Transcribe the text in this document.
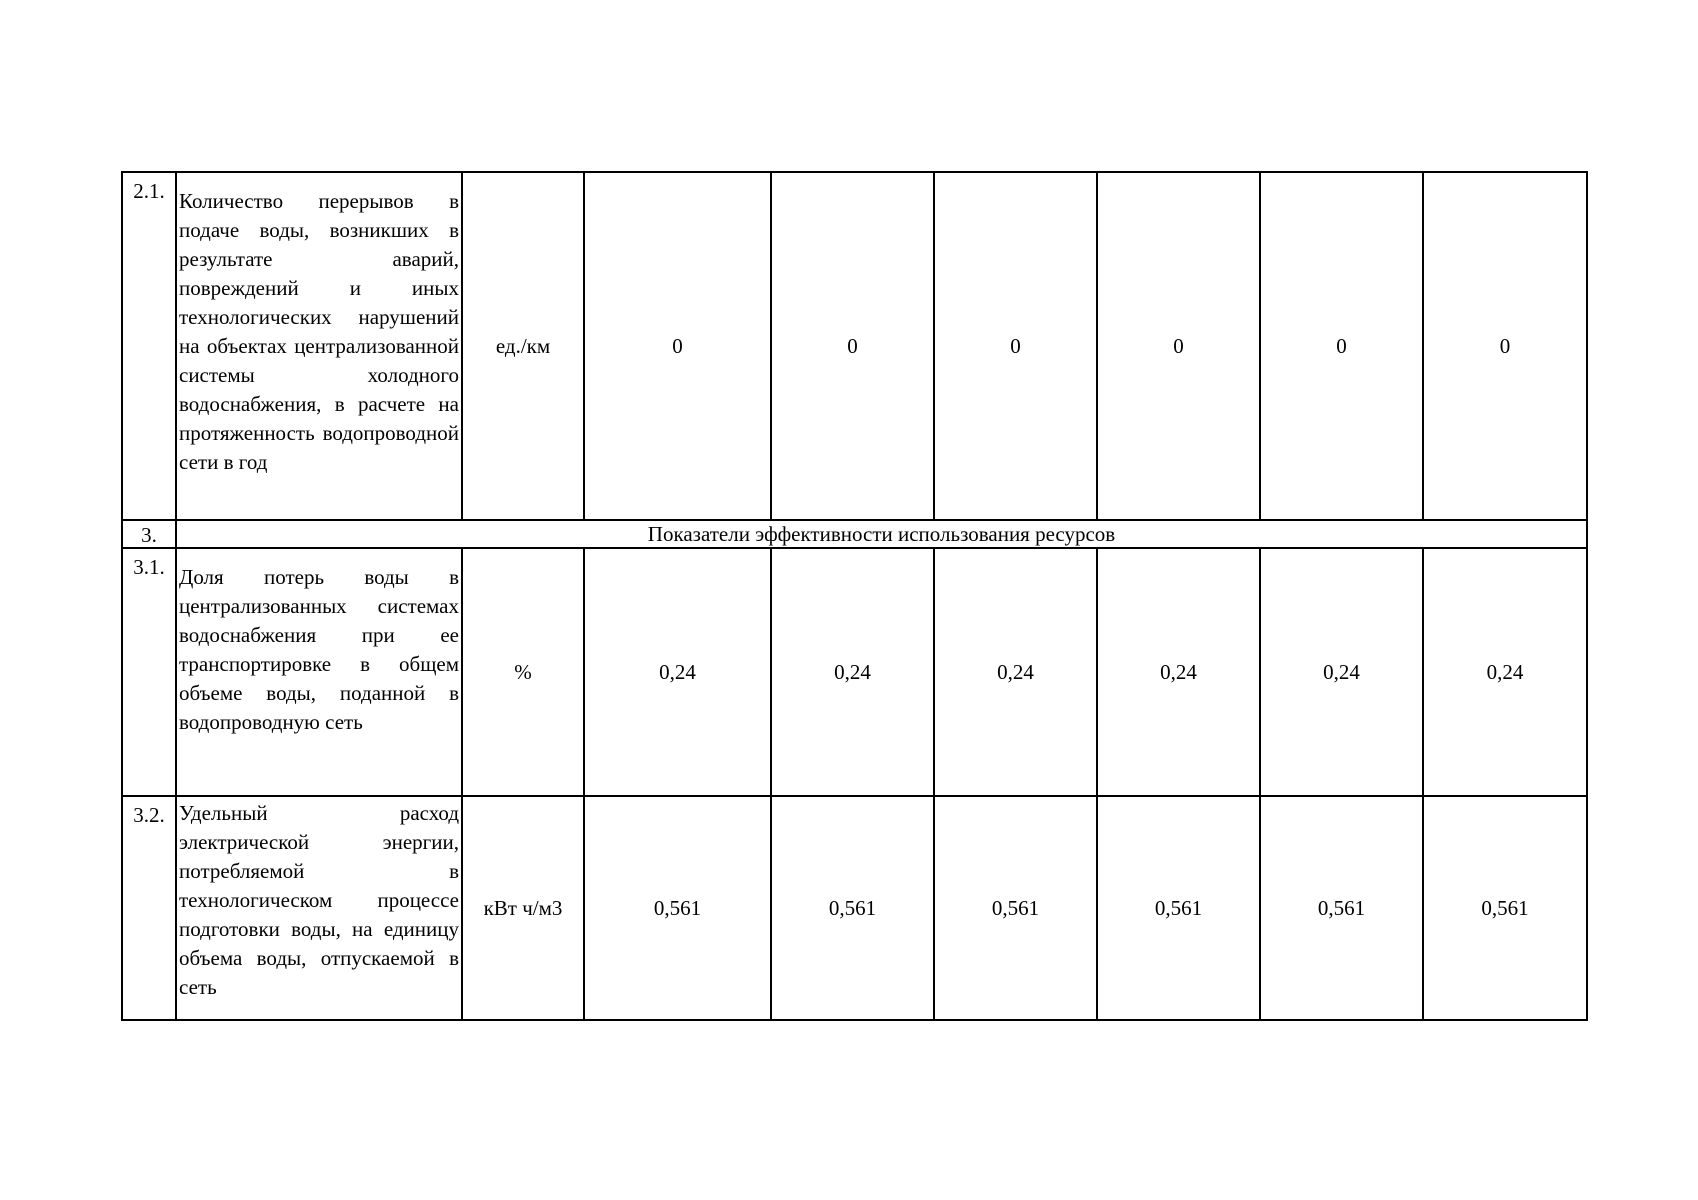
2.1.	Количество перерывов в подаче воды, возникших в результате аварий, повреждений и иных технологических нарушений на объектах централизованной системы холодного водоснабжения, в расчете на протяженность водопроводной сети в год	ед./км	0	0	0	0	0	0
3.	Показатели эффективности использования ресурсов							
3.1.	Доля потерь воды в централизованных системах водоснабжения при ее транспортировке в общем объеме воды, поданной в водопроводную сеть	%	0,24	0,24	0,24	0,24	0,24	0,24
3.2.	Удельный расход электрической энергии, потребляемой в технологическом процессе подготовки воды, на единицу объема воды, отпускаемой в сеть	кВт ч/м3	0,561	0,561	0,561	0,561	0,561	0,561
